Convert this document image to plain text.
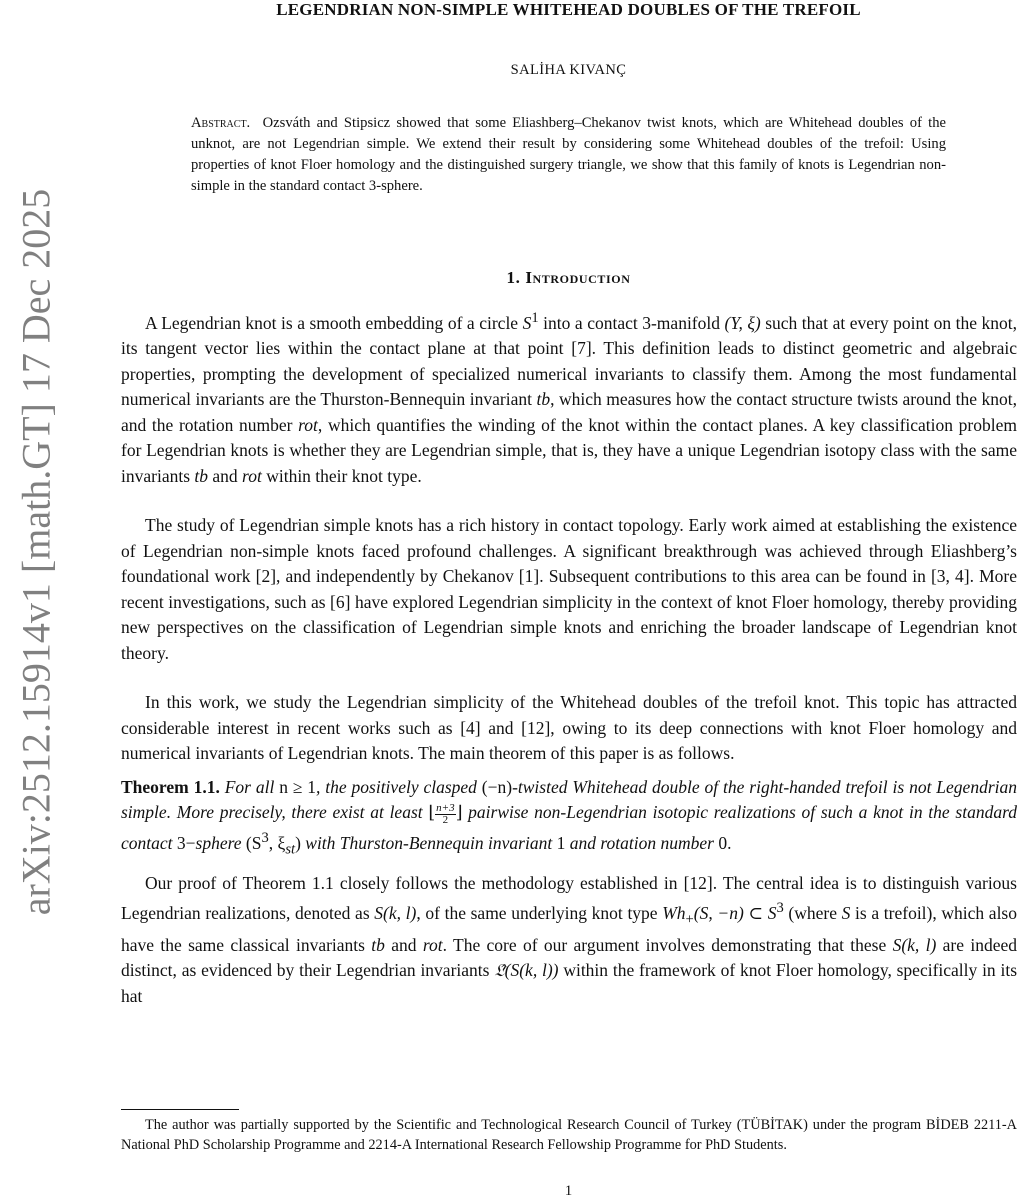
arXiv:2512.15914v1 [math.GT] 17 Dec 2025
LEGENDRIAN NON-SIMPLE WHITEHEAD DOUBLES OF THE TREFOIL
SALİHA KIVANÇ

Abstract. Ozsváth and Stipsicz showed that some Eliashberg–Chekanov twist knots, which are Whitehead doubles of the unknot, are not Legendrian simple. We extend their result by considering some Whitehead doubles of the trefoil: Using properties of knot Floer homology and the distinguished surgery triangle, we show that this family of knots is Legendrian non-simple in the standard contact 3-sphere.

1. Introduction

A Legendrian knot is a smooth embedding of a circle $S^1$ into a contact 3-manifold (Y, ξ) such that at every point on the knot, its tangent vector lies within the contact plane at that point [7]. This definition leads to distinct geometric and algebraic properties, prompting the development of specialized numerical invariants to classify them. Among the most fundamental numerical invariants are the Thurston-Bennequin invariant tb, which measures how the contact structure twists around the knot, and the rotation number rot, which quantifies the winding of the knot within the contact planes. A key classification problem for Legendrian knots is whether they are Legendrian simple, that is, they have a unique Legendrian isotopy class with the same invariants tb and rot within their knot type.

The study of Legendrian simple knots has a rich history in contact topology. Early work aimed at establishing the existence of Legendrian non-simple knots faced profound challenges. A significant breakthrough was achieved through Eliashberg’s foundational work [2], and independently by Chekanov [1]. Subsequent contributions to this area can be found in [3, 4]. More recent investigations, such as [6] have explored Legendrian simplicity in the context of knot Floer homology, thereby providing new perspectives on the classification of Legendrian simple knots and enriching the broader landscape of Legendrian knot theory.

In this work, we study the Legendrian simplicity of the Whitehead doubles of the trefoil knot. This topic has attracted considerable interest in recent works such as [4] and [12], owing to its deep connections with knot Floer homology and numerical invariants of Legendrian knots. The main theorem of this paper is as follows.

Theorem 1.1. For all n ≥ 1, the positively clasped (−n)-twisted Whitehead double of the right-handed trefoil is not Legendrian simple. More precisely, there exist at least ⌊ $\frac{n+3}{2}$ ⌋ pairwise non-Legendrian isotopic realizations of such a knot in the standard contact 3−sphere ($S^3$, $\xi_{st}$) with Thurston-Bennequin invariant 1 and rotation number 0.

Our proof of Theorem 1.1 closely follows the methodology established in [12]. The central idea is to distinguish various Legendrian realizations, denoted as S(k, l), of the same underlying knot type $Wh_+(S$, −n) ⊂ $S^3$ (where S is a trefoil), which also have the same classical invariants tb and rot. The core of our argument involves demonstrating that these S(k, l) are indeed distinct, as evidenced by their Legendrian invariants 𝔏̂(S(k, l)) within the framework of knot Floer homology, specifically in its hat

The author was partially supported by the Scientific and Technological Research Council of Turkey (TÜBİTAK) under the program BİDEB 2211-A National PhD Scholarship Programme and 2214-A International Research Fellowship Programme for PhD Students.

1
